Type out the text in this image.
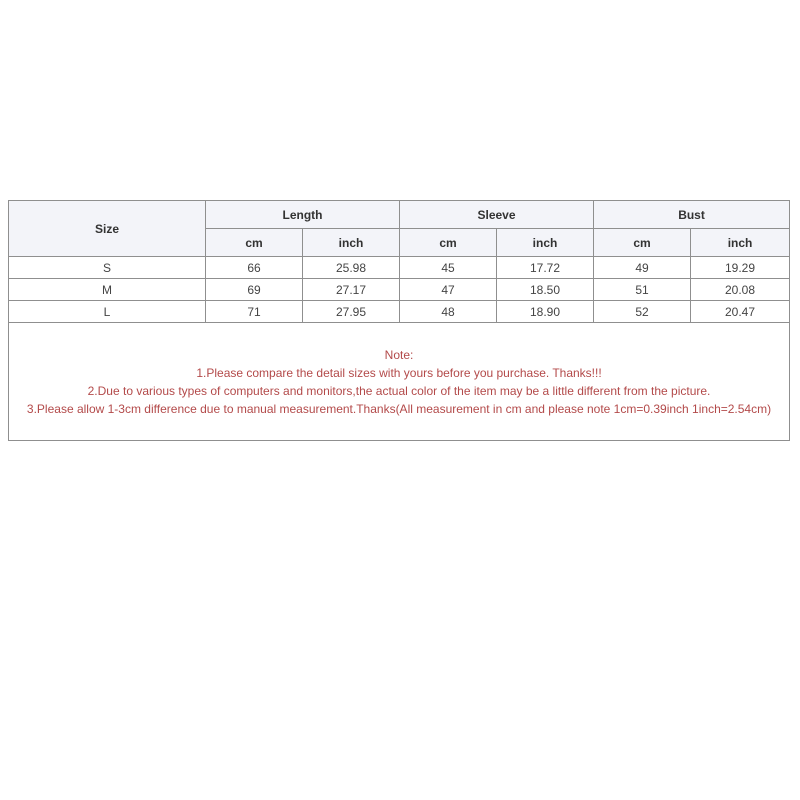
Size	Length		Sleeve		Bust	
	cm	inch	cm	inch	cm	inch
S	66	25.98	45	17.72	49	19.29
M	69	27.17	47	18.50	51	20.08
L	71	27.95	48	18.90	52	20.47

Note:
1.Please compare the detail sizes with yours before you purchase. Thanks!!!
2.Due to various types of computers and monitors,the actual color of the item may be a little different from the picture.
3.Please allow 1-3cm difference due to manual measurement.Thanks(All measurement in cm and please note 1cm=0.39inch 1inch=2.54cm)						
